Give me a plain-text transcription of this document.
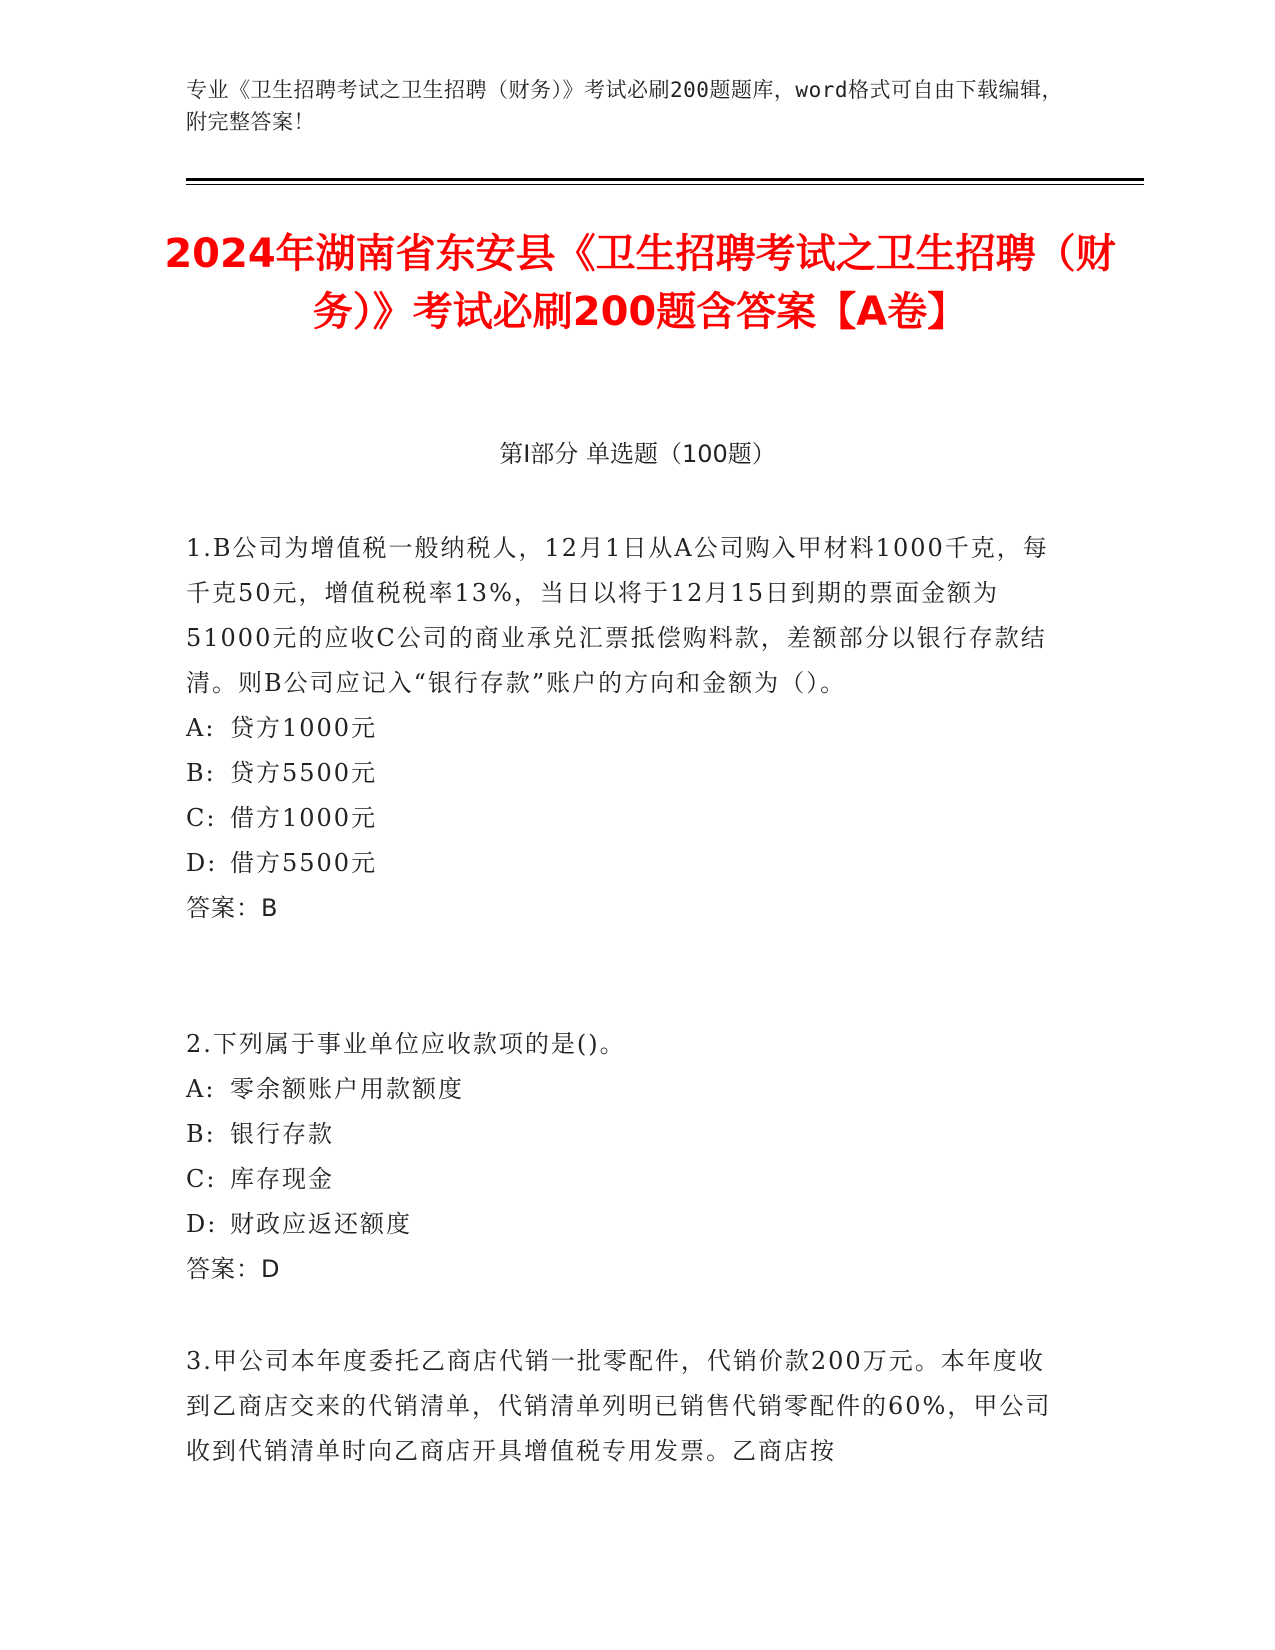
专业《卫生招聘考试之卫生招聘（财务）》考试必刷200题题库，word格式可自由下载编辑，附完整答案！
2024年湖南省东安县《卫生招聘考试之卫生招聘（财务）》考试必刷200题含答案【A卷】
第Ⅰ部分 单选题（100题）

1.B公司为增值税一般纳税人，12月1日从A公司购入甲材料1000千克，每千克50元，增值税税率13%，当日以将于12月15日到期的票面金额为51000元的应收C公司的商业承兑汇票抵偿购料款，差额部分以银行存款结清。则B公司应记入“银行存款”账户的方向和金额为（）。

A: 贷方1000元

B: 贷方5500元

C: 借方1000元

D: 借方5500元

答案：B

2.下列属于事业单位应收款项的是()。

A: 零余额账户用款额度

B: 银行存款

C: 库存现金

D: 财政应返还额度

答案：D

3.甲公司本年度委托乙商店代销一批零配件，代销价款200万元。本年度收到乙商店交来的代销清单，代销清单列明已销售代销零配件的60%，甲公司收到代销清单时向乙商店开具增值税专用发票。乙商店按
